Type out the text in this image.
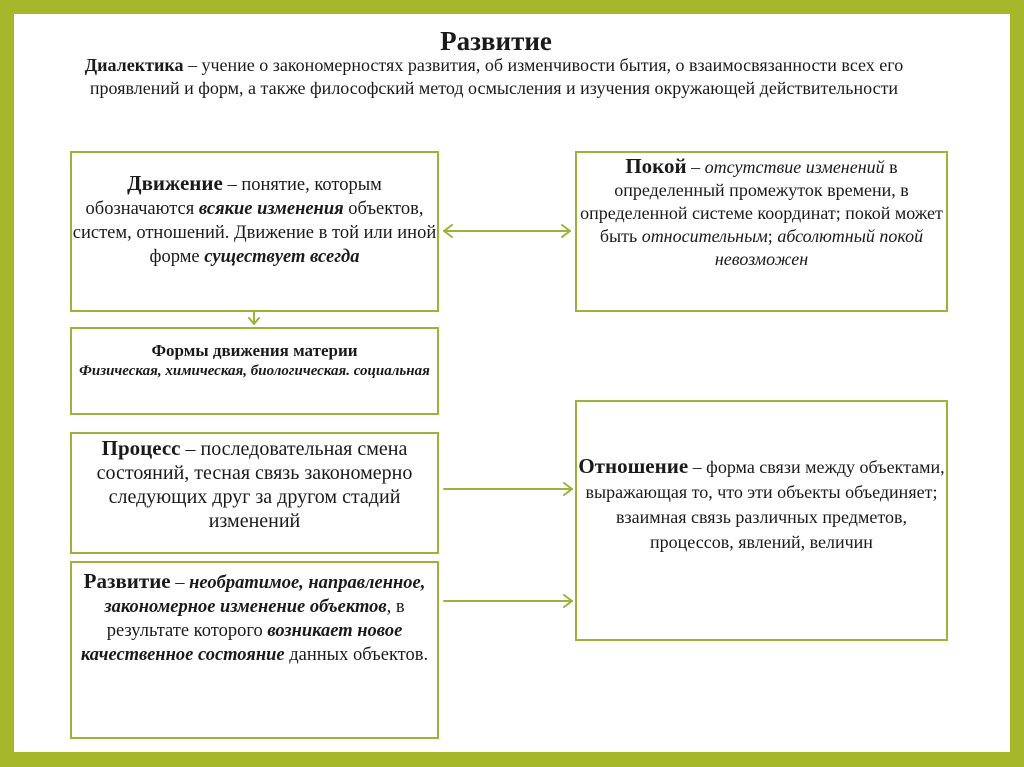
Развитие
Диалектика – учение о закономерностях развития, об изменчивости бытия, о взаимосвязанности всех его проявлений и форм, а также философский метод осмысления и изучения окружающей действительности
Движение – понятие, которым обозначаются всякие изменения объектов, систем, отношений. Движение в той или иной форме существует всегда
Покой – отсутствие изменений в определенный промежуток времени, в определенной системе координат; покой может быть относительным; абсолютный покой невозможен
Формы движения материи
Физическая, химическая, биологическая. социальная
Процесс – последовательная смена состояний, тесная связь закономерно следующих друг за другом стадий изменений
Отношение – форма связи между объектами, выражающая то, что эти объекты объединяет; взаимная связь различных предметов, процессов, явлений, величин
Развитие – необратимое, направленное, закономерное изменение объектов, в результате которого возникает новое качественное состояние данных объектов.
